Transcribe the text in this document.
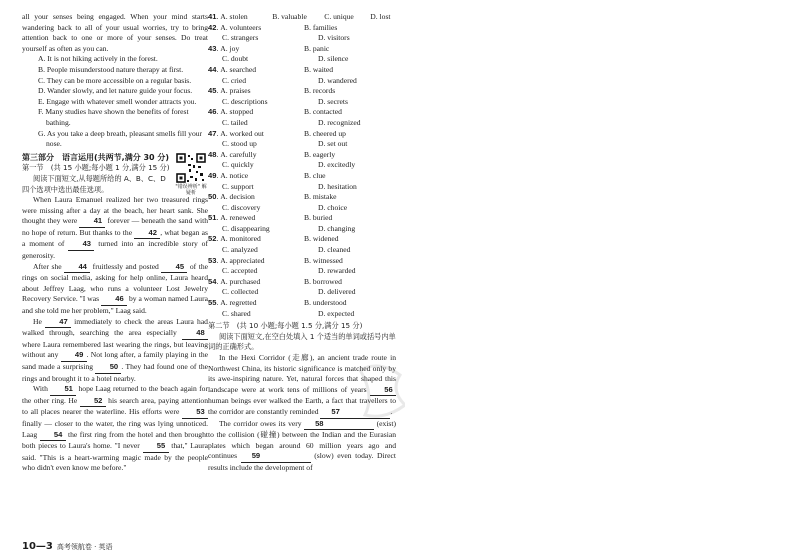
all your senses being engaged. When your mind starts wandering back to all of your usual worries, try to bring attention back to one or more of your senses. Do treat yourself as often as you can.

A. It is not hiking actively in the forest.

B. People misunderstood nature therapy at first.

C. They can be more accessible on a regular basis.

D. Wander slowly, and let nature guide your focus.

E. Engage with whatever smell wonder attracts you.

F. Many studies have shown the benefits of forest bathing.

G. As you take a deep breath, pleasant smells fill your nose.

"错误辨析" 解疑析

第三部分　语言运用(共两节,满分 30 分)

第一节　(共 15 小题;每小题 1 分,满分 15 分)

阅读下面短文,从每题所给的 A、B、C、D 四个选项中选出最佳选项。

When Laura Emanuel realized her two treasured rings were missing after a day at the beach, her heart sank. She thought they were 41 forever — beneath the sand with no hope of return. But thanks to the 42 , what began as a moment of 43 turned into an incredible story of generosity.

After she 44 fruitlessly and posted 45 of the rings on social media, asking for help online, Laura heard about Jeffrey Laag, who runs a volunteer Lost Jewelry Recovery Service. "I was 46 by a woman named Laura and she told me her problem," Laag said.

He 47 immediately to check the areas Laura had walked through, searching the area especially 48 where Laura remembered last wearing the rings, but leaving without any 49 . Not long after, a family playing in the sand made a surprising 50 . They had found one of the rings and brought it to a hotel nearby.

With 51 hope Laag returned to the beach again for the other ring. He 52 his search area, paying attention to all places nearer the waterline. His efforts were 53 finally — closer to the water, the ring was lying unnoticed. Laag 54 the first ring from the hotel and then brought both pieces to Laura's home. "I never 55 that," Laura said. "This is a heart-warming magic made by the people who didn't even know me before."

41 . A. stolen	B. valuable	C. unique	D. lost
42. A. volunteers	B. families
C. strangers	D. visitors
43. A. joy	B. panic
C. doubt	D. silence
44. A. searched	B. waited
C. cried	D. wandered
45. A. praises	B. records
C. descriptions	D. secrets
46. A. stopped	B. contacted
C. tailed	D. recognized
47. A. worked out	B. cheered up
C. stood up	D. set out
48. A. carefully	B. eagerly
C. quickly	D. excitedly
49. A. notice	B. clue
C. support	D. hesitation
50. A. decision	B. mistake
C. discovery	D. choice
51. A. renewed	B. buried
C. disappearing	D. changing
52. A. monitored	B. widened
C. analyzed	D. cleaned
53. A. appreciated	B. witnessed
C. accepted	D. rewarded
54. A. purchased	B. borrowed
C. collected	D. delivered
55. A. regretted	B. understood
C. shared	D. expected

第二节　(共 10 小题;每小题 1.5 分,满分 15 分)

阅读下面短文,在空白处填入 1 个适当的单词或括号内单词的正确形式。

In the Hexi Corridor (走廊), an ancient trade route in Northwest China, its historic significance is matched only by its awe-inspiring nature. Yet, natural forces that shaped this landscape were at work tens of millions of years 56 human beings ever walked the Earth, a fact that travellers to the corridor are constantly reminded 57	.

The corridor owes its very 58	(exist) to the collision (碰撞) between the Indian and the Eurasian plates which began around 60 million years ago and continues 59	(slow) even today. Direct results include the development of

10—3 高考领航卷 · 英语
